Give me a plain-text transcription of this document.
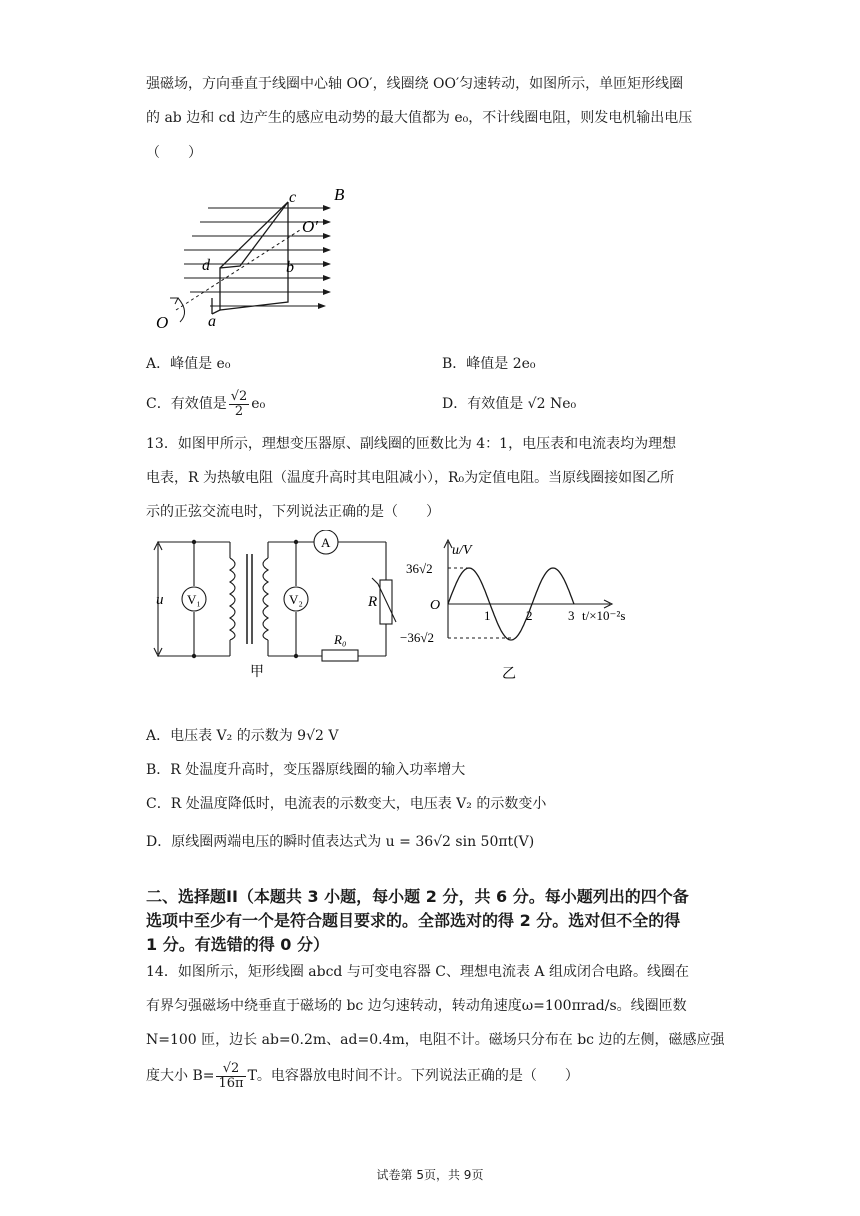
强磁场，方向垂直于线圈中心轴 OO′，线圈绕 OO′匀速转动，如图所示，单匝矩形线圈
的 ab 边和 cd 边产生的感应电动势的最大值都为 e₀，不计线圈电阻，则发电机输出电压
（　　）
c B
O′
d	b
O a
A．峰值是 e₀	B．峰值是 2e₀
C．有效值是 $\frac{√2}{2} e_0$	D．有效值是 √2 Ne₀
13．如图甲所示，理想变压器原、副线圈的匝数比为 4：1，电压表和电流表均为理想
电表，R 为热敏电阻（温度升高时其电阻减小），R₀为定值电阻。当原线圈接如图乙所
示的正弦交流电时，下列说法正确的是（　　）
u V₁	V₂
A
R
R₀
甲
u/V
36√2
−36√2
O
1	2	3 t/×10⁻²s
乙
A．电压表 V₂ 的示数为 9√2 V
B．R 处温度升高时，变压器原线圈的输入功率增大
C．R 处温度降低时，电流表的示数变大，电压表 V₂ 的示数变小
D．原线圈两端电压的瞬时值表达式为 u = 36√2 sin 50πt(V)
二、选择题II（本题共 3 小题，每小题 2 分，共 6 分。每小题列出的四个备
选项中至少有一个是符合题目要求的。全部选对的得 2 分。选对但不全的得
1 分。有选错的得 0 分）
14．如图所示，矩形线圈 abcd 与可变电容器 C、理想电流表 A 组成闭合电路。线圈在
有界匀强磁场中绕垂直于磁场的 bc 边匀速转动，转动角速度ω=100πrad/s。线圈匝数
N=100 匝，边长 ab=0.2m、ad=0.4m，电阻不计。磁场只分布在 bc 边的左侧，磁感应强
度大小 $B= \frac{√2}{16\pi}$ T。电容器放电时间不计。下列说法正确的是（　　）
试卷第 5页，共 9页
